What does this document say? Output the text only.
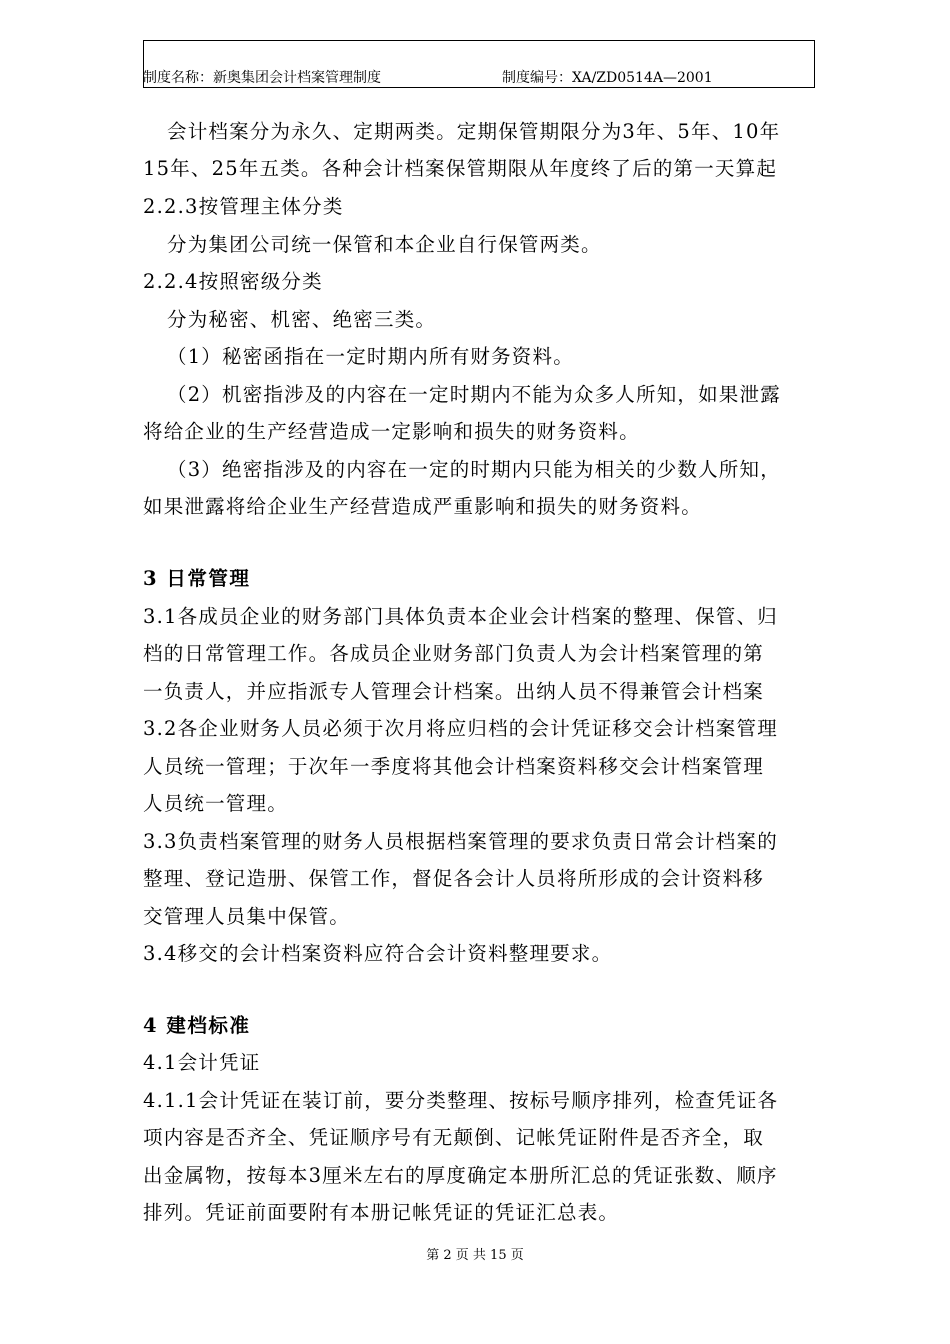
制度名称：新奥集团会计档案管理制度	制度编号：XA/ZD0514A—2001
会计档案分为永久、定期两类。定期保管期限分为3年、5年、10年
15年、25年五类。各种会计档案保管期限从年度终了后的第一天算起
2.2.3按管理主体分类
分为集团公司统一保管和本企业自行保管两类。
2.2.4按照密级分类
分为秘密、机密、绝密三类。
（1）秘密函指在一定时期内所有财务资料。
（2）机密指涉及的内容在一定时期内不能为众多人所知，如果泄露
将给企业的生产经营造成一定影响和损失的财务资料。
（3）绝密指涉及的内容在一定的时期内只能为相关的少数人所知，
如果泄露将给企业生产经营造成严重影响和损失的财务资料。
3 日常管理
3.1各成员企业的财务部门具体负责本企业会计档案的整理、保管、归
档的日常管理工作。各成员企业财务部门负责人为会计档案管理的第
一负责人，并应指派专人管理会计档案。出纳人员不得兼管会计档案
3.2各企业财务人员必须于次月将应归档的会计凭证移交会计档案管理
人员统一管理；于次年一季度将其他会计档案资料移交会计档案管理
人员统一管理。
3.3负责档案管理的财务人员根据档案管理的要求负责日常会计档案的
整理、登记造册、保管工作，督促各会计人员将所形成的会计资料移
交管理人员集中保管。
3.4移交的会计档案资料应符合会计资料整理要求。
4 建档标准
4.1会计凭证
4.1.1会计凭证在装订前，要分类整理、按标号顺序排列，检查凭证各
项内容是否齐全、凭证顺序号有无颠倒、记帐凭证附件是否齐全，取
出金属物，按每本3厘米左右的厚度确定本册所汇总的凭证张数、顺序
排列。凭证前面要附有本册记帐凭证的凭证汇总表。
第 2 页 共 15 页
